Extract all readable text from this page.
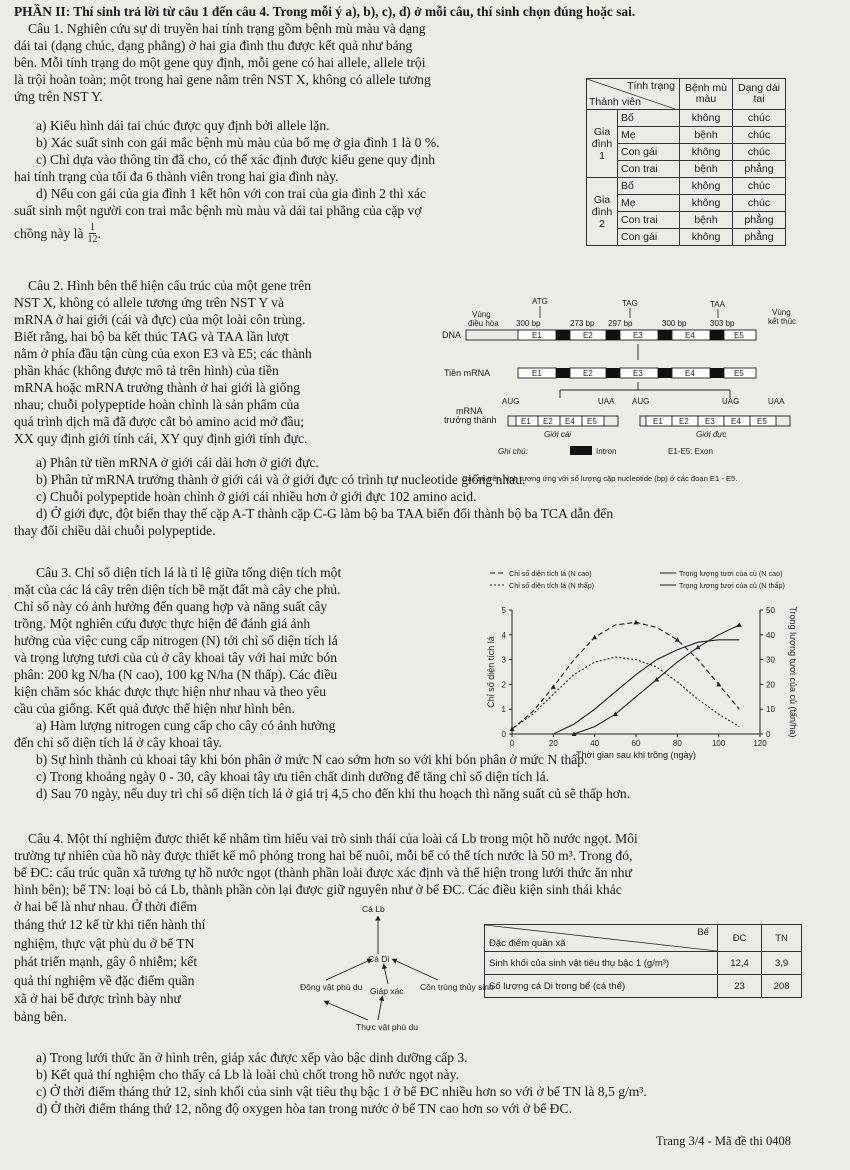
PHẦN II: Thí sinh trả lời từ câu 1 đến câu 4. Trong mỗi ý a), b), c), d) ở mỗi câu, thí sinh chọn đúng hoặc sai.
Câu 1. Nghiên cứu sự di truyền hai tính trạng gồm bệnh mù màu và dạng
dái tai (dạng chúc, dạng phẳng) ở hai gia đình thu được kết quả như bảng
bên. Mỗi tính trạng do một gene quy định, mỗi gene có hai allele, allele trội
là trội hoàn toàn; một trong hai gene nằm trên NST X, không có allele tương
ứng trên NST Y.
a) Kiểu hình dái tai chúc được quy định bởi allele lặn.
b) Xác suất sinh con gái mắc bệnh mù màu của bố mẹ ở gia đình 1 là 0 %.
c) Chỉ dựa vào thông tin đã cho, có thể xác định được kiểu gene quy định
hai tính trạng của tối đa 6 thành viên trong hai gia đình này.
d) Nếu con gái của gia đình 1 kết hôn với con trai của gia đình 2 thì xác
suất sinh một người con trai mắc bệnh mù màu và dái tai phẳng của cặp vợ
chồng này là $\frac{1}{12}$ .
Tính trạng
Thành viên		Bệnh mù màu	Dạng dái tai
Gia đình 1	Bố	không	chúc
	Mẹ	bệnh	chúc
	Con gái	không	chúc
	Con trai	bệnh	phẳng
Gia đình 2	Bố	không	chúc
	Mẹ	không	chúc
	Con trai	bệnh	phẳng
	Con gái	không	phẳng
Câu 2. Hình bên thể hiện cấu trúc của một gene trên
NST X, không có allele tương ứng trên NST Y và
mRNA ở hai giới (cái và đực) của một loài côn trùng.
Biết rằng, hai bộ ba kết thúc TAG và TAA lần lượt
nằm ở phía đầu tận cùng của exon E3 và E5; các thành
phần khác (không được mô tả trên hình) của tiền
mRNA hoặc mRNA trưởng thành ở hai giới là giống
nhau; chuỗi polypeptide hoàn chỉnh là sản phẩm của
quá trình dịch mã đã được cắt bỏ amino acid mở đầu;
XX quy định giới tính cái, XY quy định giới tính đực.
a) Phân tử tiền mRNA ở giới cái dài hơn ở giới đực.
b) Phân tử mRNA trưởng thành ở giới cái và ở giới đực có trình tự nucleotide giống nhau.
c) Chuỗi polypeptide hoàn chỉnh ở giới cái nhiều hơn ở giới đực 102 amino acid.
d) Ở giới đực, đột biến thay thế cặp A-T thành cặp C-G làm bộ ba TAA biến đổi thành bộ ba TCA dẫn đến
thay đổi chiều dài chuỗi polypeptide.
ATG	TAG	TAA
Vùng
điều hòa
Vùng
kết thúc
300 bp	273 bp 297 bp	300 bp	303 bp
DNA	E1	E2	E3	E4	E5
Tiền mRNA	E1	E2	E3	E4	E5
mRNA
trưởng thành
AUG	UAA AUG	UAG	UAA
E1 E2 E4 E5	E1 E2 E3 E4 E5
Giới cái	Giới đực
Ghi chú:	Intron	E1-E5: Exon
Các số trên hình tương ứng với số lượng cặp nucleotide (bp) ở các đoạn E1 - E5.
Câu 3. Chỉ số diện tích lá là tỉ lệ giữa tổng diện tích một
mặt của các lá cây trên diện tích bề mặt đất mà cây che phủ.
Chỉ số này có ảnh hưởng đến quang hợp và năng suất cây
trồng. Một nghiên cứu được thực hiện để đánh giá ảnh
hưởng của việc cung cấp nitrogen (N) tới chỉ số diện tích lá
và trọng lượng tươi của củ ở cây khoai tây với hai mức bón
phân: 200 kg N/ha (N cao), 100 kg N/ha (N thấp). Các điều
kiện chăm sóc khác được thực hiện như nhau và theo yêu
cầu của giống. Kết quả được thể hiện như hình bên.
a) Hàm lượng nitrogen cung cấp cho cây có ảnh hưởng
đến chỉ số diện tích lá ở cây khoai tây.
b) Sự hình thành củ khoai tây khi bón phân ở mức N cao sớm hơn so với khi bón phân ở mức N thấp.
c) Trong khoảng ngày 0 - 30, cây khoai tây ưu tiên chất dinh dưỡng để tăng chỉ số diện tích lá.
d) Sau 70 ngày, nếu duy trì chỉ số diện tích lá ở giá trị 4,5 cho đến khi thu hoạch thì năng suất củ sẽ thấp hơn.
Chỉ số diện tích lá (N cao)
Chỉ số diện tích lá (N thấp)
Trọng lượng tươi của củ (N cao)
Trọng lượng tươi của củ (N thấp)
0	20	40	60	80	100	120
0
1
2
3
4
5
0
10
20
30
40
50
Thời gian sau khi trồng (ngày)
Chỉ số diện tích lá	Trọng lượng tươi của củ (tấn/ha)
Câu 4. Một thí nghiệm được thiết kế nhằm tìm hiểu vai trò sinh thái của loài cá Lb trong một hồ nước ngọt. Môi
trường tự nhiên của hồ này được thiết kế mô phỏng trong hai bể nuôi, mỗi bể có thể tích nước là 50 m³. Trong đó,
bể ĐC: cấu trúc quần xã tương tự hồ nước ngọt (thành phần loài được xác định và thể hiện trong lưới thức ăn như
hình bên); bể TN: loại bỏ cá Lb, thành phần còn lại được giữ nguyên như ở bể ĐC. Các điều kiện sinh thái khác
ở hai bể là như nhau. Ở thời điểm
tháng thứ 12 kể từ khi tiến hành thí
nghiệm, thực vật phù du ở bể TN
phát triển mạnh, gây ô nhiễm; kết
quả thí nghiệm về đặc điểm quần
xã ở hai bể được trình bày như
bảng bên.
Cá Lb
Cá Di
Động vật phù du Giáp xác Côn trùng thủy sinh
Thực vật phù du
Bể
Đặc điểm quần xã	ĐC	TN
Sinh khối của sinh vật tiêu thụ bậc 1 (g/m³)	12,4	3,9
Số lượng cá Di trong bể (cá thể)	23	208
a) Trong lưới thức ăn ở hình trên, giáp xác được xếp vào bậc dinh dưỡng cấp 3.
b) Kết quả thí nghiệm cho thấy cá Lb là loài chủ chốt trong hồ nước ngọt này.
c) Ở thời điểm tháng thứ 12, sinh khối của sinh vật tiêu thụ bậc 1 ở bể ĐC nhiều hơn so với ở bể TN là 8,5 g/m³.
d) Ở thời điểm tháng thứ 12, nồng độ oxygen hòa tan trong nước ở bể TN cao hơn so với ở bể ĐC.
Trang 3/4 - Mã đề thi 0408
